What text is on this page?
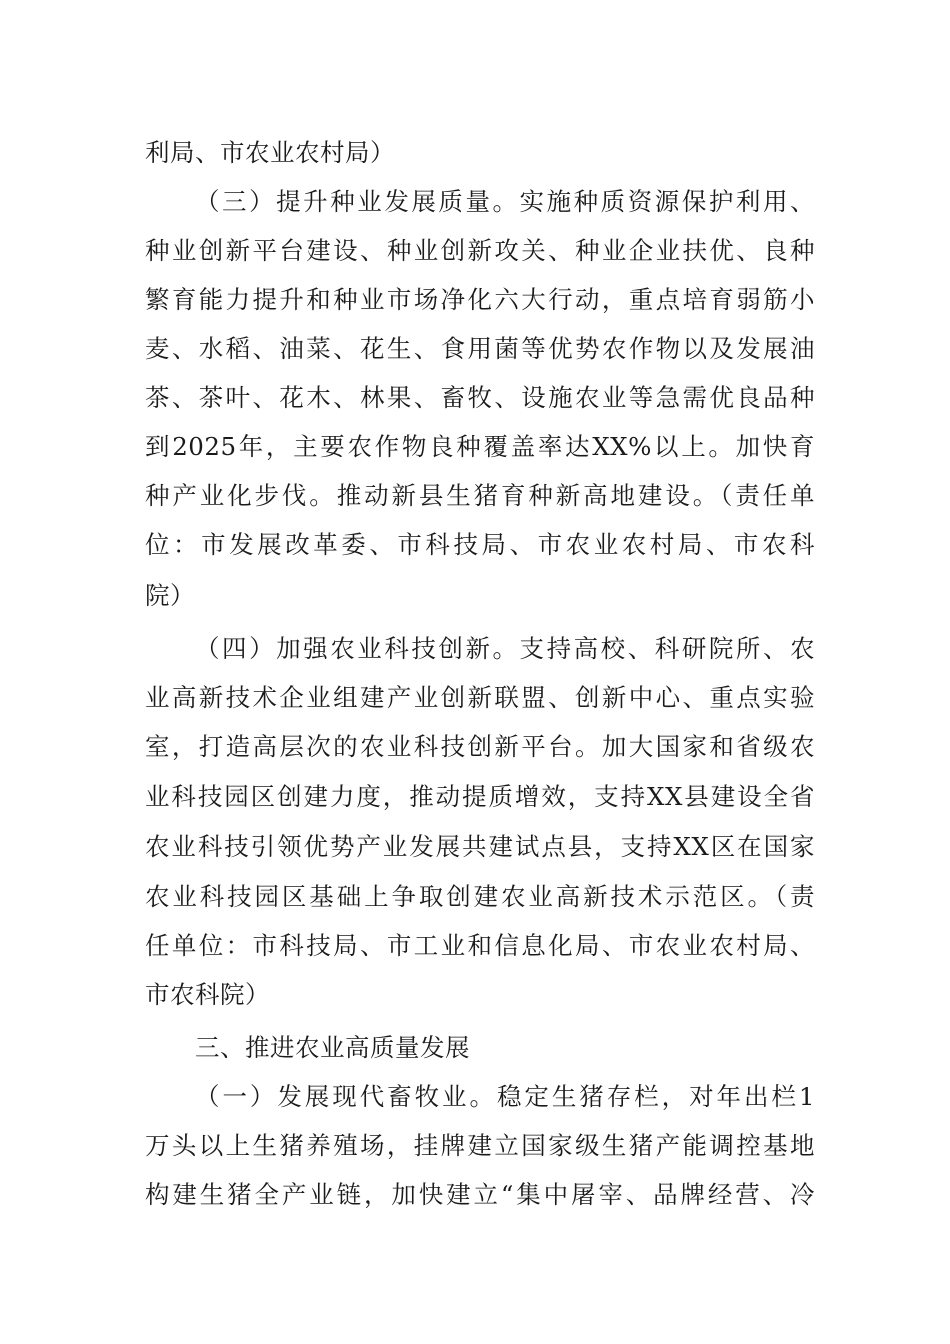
利局、市农业农村局）
（三）提升种业发展质量。实施种质资源保护利用、
种业创新平台建设、种业创新攻关、种业企业扶优、良种
繁育能力提升和种业市场净化六大行动，重点培育弱筋小
麦、水稻、油菜、花生、食用菌等优势农作物以及发展油
茶、茶叶、花木、林果、畜牧、设施农业等急需优良品种
到2025年，主要农作物良种覆盖率达XX%以上。加快育
种产业化步伐。推动新县生猪育种新高地建设。（责任单
位：市发展改革委、市科技局、市农业农村局、市农科
院）
（四）加强农业科技创新。支持高校、科研院所、农
业高新技术企业组建产业创新联盟、创新中心、重点实验
室，打造高层次的农业科技创新平台。加大国家和省级农
业科技园区创建力度，推动提质增效，支持XX县建设全省
农业科技引领优势产业发展共建试点县，支持XX区在国家
农业科技园区基础上争取创建农业高新技术示范区。（责
任单位：市科技局、市工业和信息化局、市农业农村局、
市农科院）
三、推进农业高质量发展
（一）发展现代畜牧业。稳定生猪存栏，对年出栏1
万头以上生猪养殖场，挂牌建立国家级生猪产能调控基地
构建生猪全产业链，加快建立“集中屠宰、品牌经营、冷
